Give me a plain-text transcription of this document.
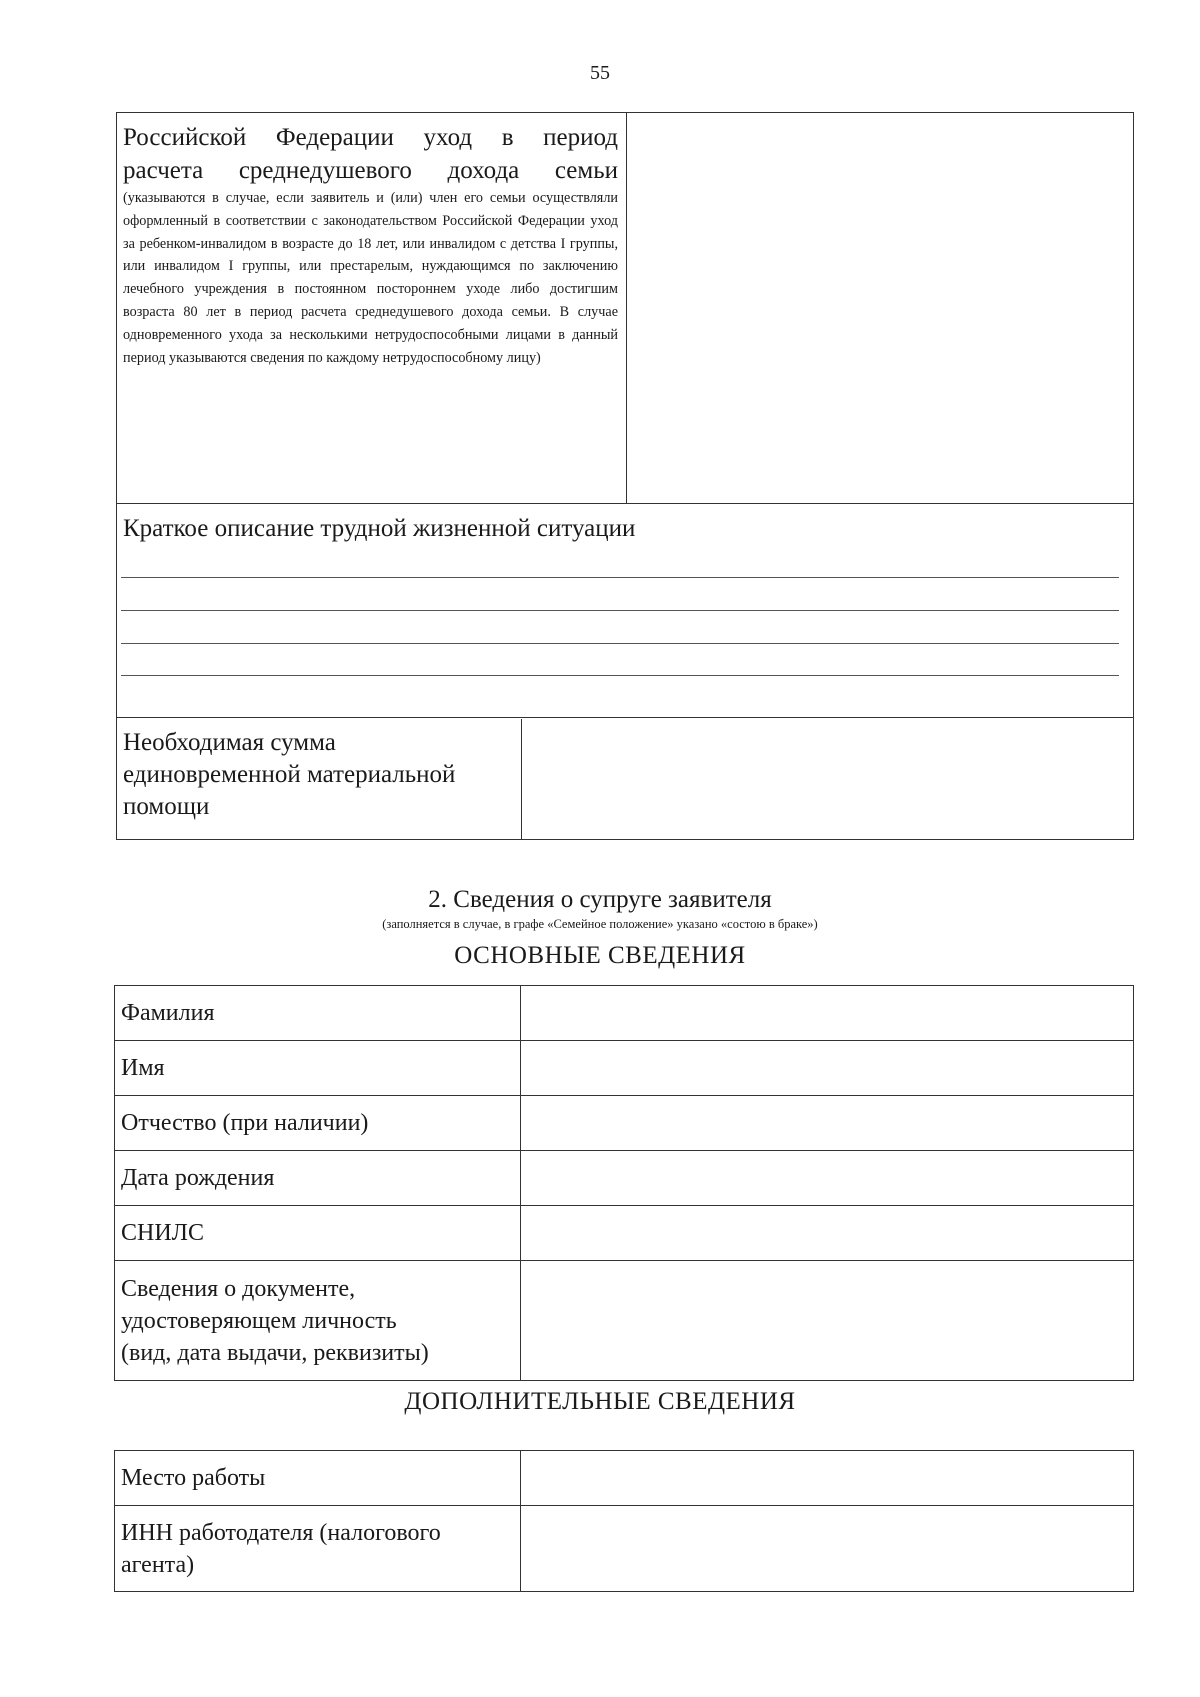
55
Российской Федерации уход в период
расчета среднедушевого дохода семьи
(указываются в случае, если заявитель и (или) член его семьи осуществляли оформленный в соответствии с законодательством Российской Федерации уход за ребенком-инвалидом в возрасте до 18 лет, или инвалидом с детства I группы, или инвалидом I группы, или престарелым, нуждающимся по заключению лечебного учреждения в постоянном постороннем уходе либо достигшим возраста 80 лет в период расчета среднедушевого дохода семьи. В случае одновременного ухода за несколькими нетрудоспособными лицами в данный период указываются сведения по каждому нетрудоспособному лицу)
Краткое описание трудной жизненной ситуации
Необходимая сумма
единовременной материальной
помощи
2. Сведения о супруге заявителя
(заполняется в случае, в графе «Семейное положение» указано «состою в браке»)
ОСНОВНЫЕ СВЕДЕНИЯ
Фамилия	

Имя	

Отчество (при наличии)	

Дата рождения	

СНИЛС	

Сведения о документе,
удостоверяющем личность
(вид, дата выдачи, реквизиты)	

ДОПОЛНИТЕЛЬНЫЕ СВЕДЕНИЯ
Место работы	

ИНН работодателя (налогового
агента)	
